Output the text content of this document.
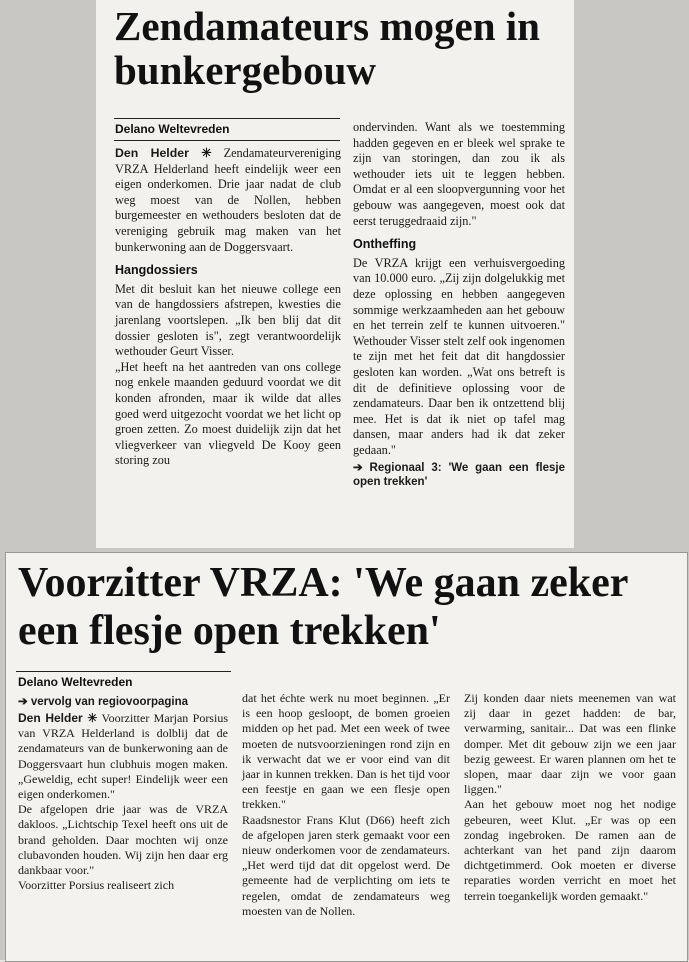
Zendamateurs mogen in bunkergebouw
Delano Weltevreden

Den Helder ✳ Zendamateurvereniging VRZA Helderland heeft eindelijk weer een eigen onderkomen. Drie jaar nadat de club weg moest van de Nollen, hebben burgemeester en wethouders besloten dat de vereniging gebruik mag maken van het bunkerwoning aan de Doggersvaart.

Hangdossiers

Met dit besluit kan het nieuwe college een van de hangdossiers afstrepen, kwesties die jarenlang voortslepen. „Ik ben blij dat dit dossier gesloten is", zegt verantwoordelijk wethouder Geurt Visser.

„Het heeft na het aantreden van ons college nog enkele maanden geduurd voordat we dit konden afronden, maar ik wilde dat alles goed werd uitgezocht voordat we het licht op groen zetten. Zo moest duidelijk zijn dat het vliegverkeer van vliegveld De Kooy geen storing zou

ondervinden. Want als we toestemming hadden gegeven en er bleek wel sprake te zijn van storingen, dan zou ik als wethouder iets uit te leggen hebben. Omdat er al een sloopvergunning voor het gebouw was aangegeven, moest ook dat eerst teruggedraaid zijn."

Ontheffing

De VRZA krijgt een verhuisvergoeding van 10.000 euro. „Zij zijn dolgelukkig met deze oplossing en hebben aangegeven sommige werkzaamheden aan het gebouw en het terrein zelf te kunnen uitvoeren." Wethouder Visser stelt zelf ook ingenomen te zijn met het feit dat dit hangdossier gesloten kan worden. „Wat ons betreft is dit de definitieve oplossing voor de zendamateurs. Daar ben ik ontzettend blij mee. Het is dat ik niet op tafel mag dansen, maar anders had ik dat zeker gedaan."

➔ Regionaal 3: 'We gaan een flesje open trekken'
Voorzitter VRZA: 'We gaan zeker een flesje open trekken'
Delano Weltevreden
➔ vervolg van regiovoorpagina

Den Helder ✳ Voorzitter Marjan Porsius van VRZA Helderland is dolblij dat de zendamateurs van de bunkerwoning aan de Doggersvaart hun clubhuis mogen maken. „Geweldig, echt super! Eindelijk weer een eigen onderkomen."

De afgelopen drie jaar was de VRZA dakloos. „Lichtschip Texel heeft ons uit de brand geholden. Daar mochten wij onze clubavonden houden. Wij zijn hen daar erg dankbaar voor."

Voorzitter Porsius realiseert zich

dat het échte werk nu moet beginnen. „Er is een hoop gesloopt, de bomen groeien midden op het pad. Met een week of twee moeten de nutsvoorzieningen rond zijn en ik verwacht dat we er voor eind van dit jaar in kunnen trekken. Dan is het tijd voor een feestje en gaan we een flesje open trekken."

Raadsnestor Frans Klut (D66) heeft zich de afgelopen jaren sterk gemaakt voor een nieuw onderkomen voor de zendamateurs. „Het werd tijd dat dit opgelost werd. De gemeente had de verplichting om iets te regelen, omdat de zendamateurs weg moesten van de Nollen.

Zij konden daar niets meenemen van wat zij daar in gezet hadden: de bar, verwarming, sanitair... Dat was een flinke domper. Met dit gebouw zijn we een jaar bezig geweest. Er waren plannen om het te slopen, maar daar zijn we voor gaan liggen."

Aan het gebouw moet nog het nodige gebeuren, weet Klut. „Er was op een zondag ingebroken. De ramen aan de achterkant van het pand zijn daarom dichtgetimmerd. Ook moeten er diverse reparaties worden verricht en moet het terrein toegankelijk worden gemaakt."
